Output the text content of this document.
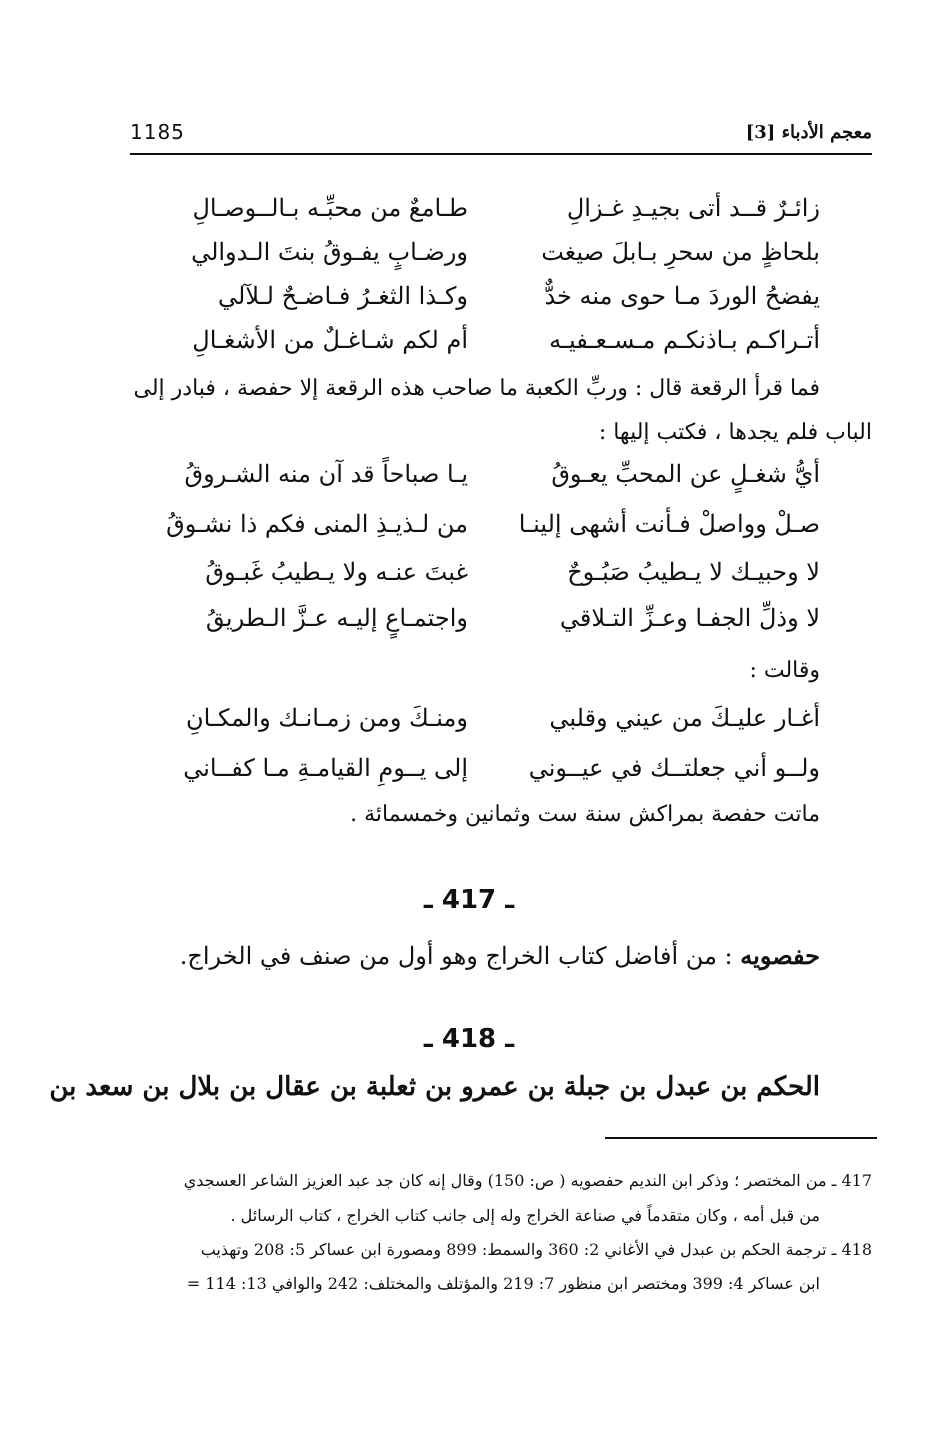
معجم الأدباء [3]
1185
زائـرٌ قــد أتى بجيـدِ غـزالِ
طـامعٌ من محبِّـه بـالــوصـالِ
بلحاظٍ من سحرِ بـابلَ صيغت
ورضـابٍ يفـوقُ بنتَ الـدوالي
يفضحُ الوردَ مـا حوى منه خدٌّ
وكـذا الثغـرُ فـاضـحٌ لـلآلي
أتـراكـم بـاذنكـم مـسـعـفيـه
أم لكم شـاغـلٌ من الأشغـالِ
فما قرأ الرقعة قال : وربِّ الكعبة ما صاحب هذه الرقعة إلا حفصة ، فبادر إلى
الباب فلم يجدها ، فكتب إليها :
أيُّ شغـلٍ عن المحبِّ يعـوقُ
يـا صباحاً قد آن منه الشـروقُ
صـلْ وواصلْ فـأنت أشهى إلينـا
من لـذيـذِ المنى فكم ذا نشـوقُ
لا وحبيـك لا يـطيبُ صَبُـوحٌ
غبتَ عنـه ولا يـطيبُ غَبـوقُ
لا وذلِّ الجفـا وعـزِّ التـلاقي
واجتمـاعٍ إليـه عـزَّ الـطريقُ
وقالت :
أغـار عليـكَ من عيني وقلبي
ومنـكَ ومن زمـانـك والمكـانِ
ولــو أني جعلتــك في عيــوني
إلى يــومِ القيامـةِ مـا كفــاني
ماتت حفصة بمراكش سنة ست وثمانين وخمسمائة .
ـ 417 ـ
حفصويه : من أفاضل كتاب الخراج وهو أول من صنف في الخراج.
ـ 418 ـ
الحكم بن عبدل بن جبلة بن عمرو بن ثعلبة بن عقال بن بلال بن سعد بن
417 ـ من المختصر ؛ وذكر ابن النديم حفصويه ( ص: 150) وقال إنه كان جد عبد العزيز الشاعر العسجدي
من قبل أمه ، وكان متقدماً في صناعة الخراج وله إلى جانب كتاب الخراج ، كتاب الرسائل .
418 ـ ترجمة الحكم بن عبدل في الأغاني 2: 360 والسمط: 899 ومصورة ابن عساكر 5: 208 وتهذيب
ابن عساكر 4: 399 ومختصر ابن منظور 7: 219 والمؤتلف والمختلف: 242 والوافي 13: 114 =
